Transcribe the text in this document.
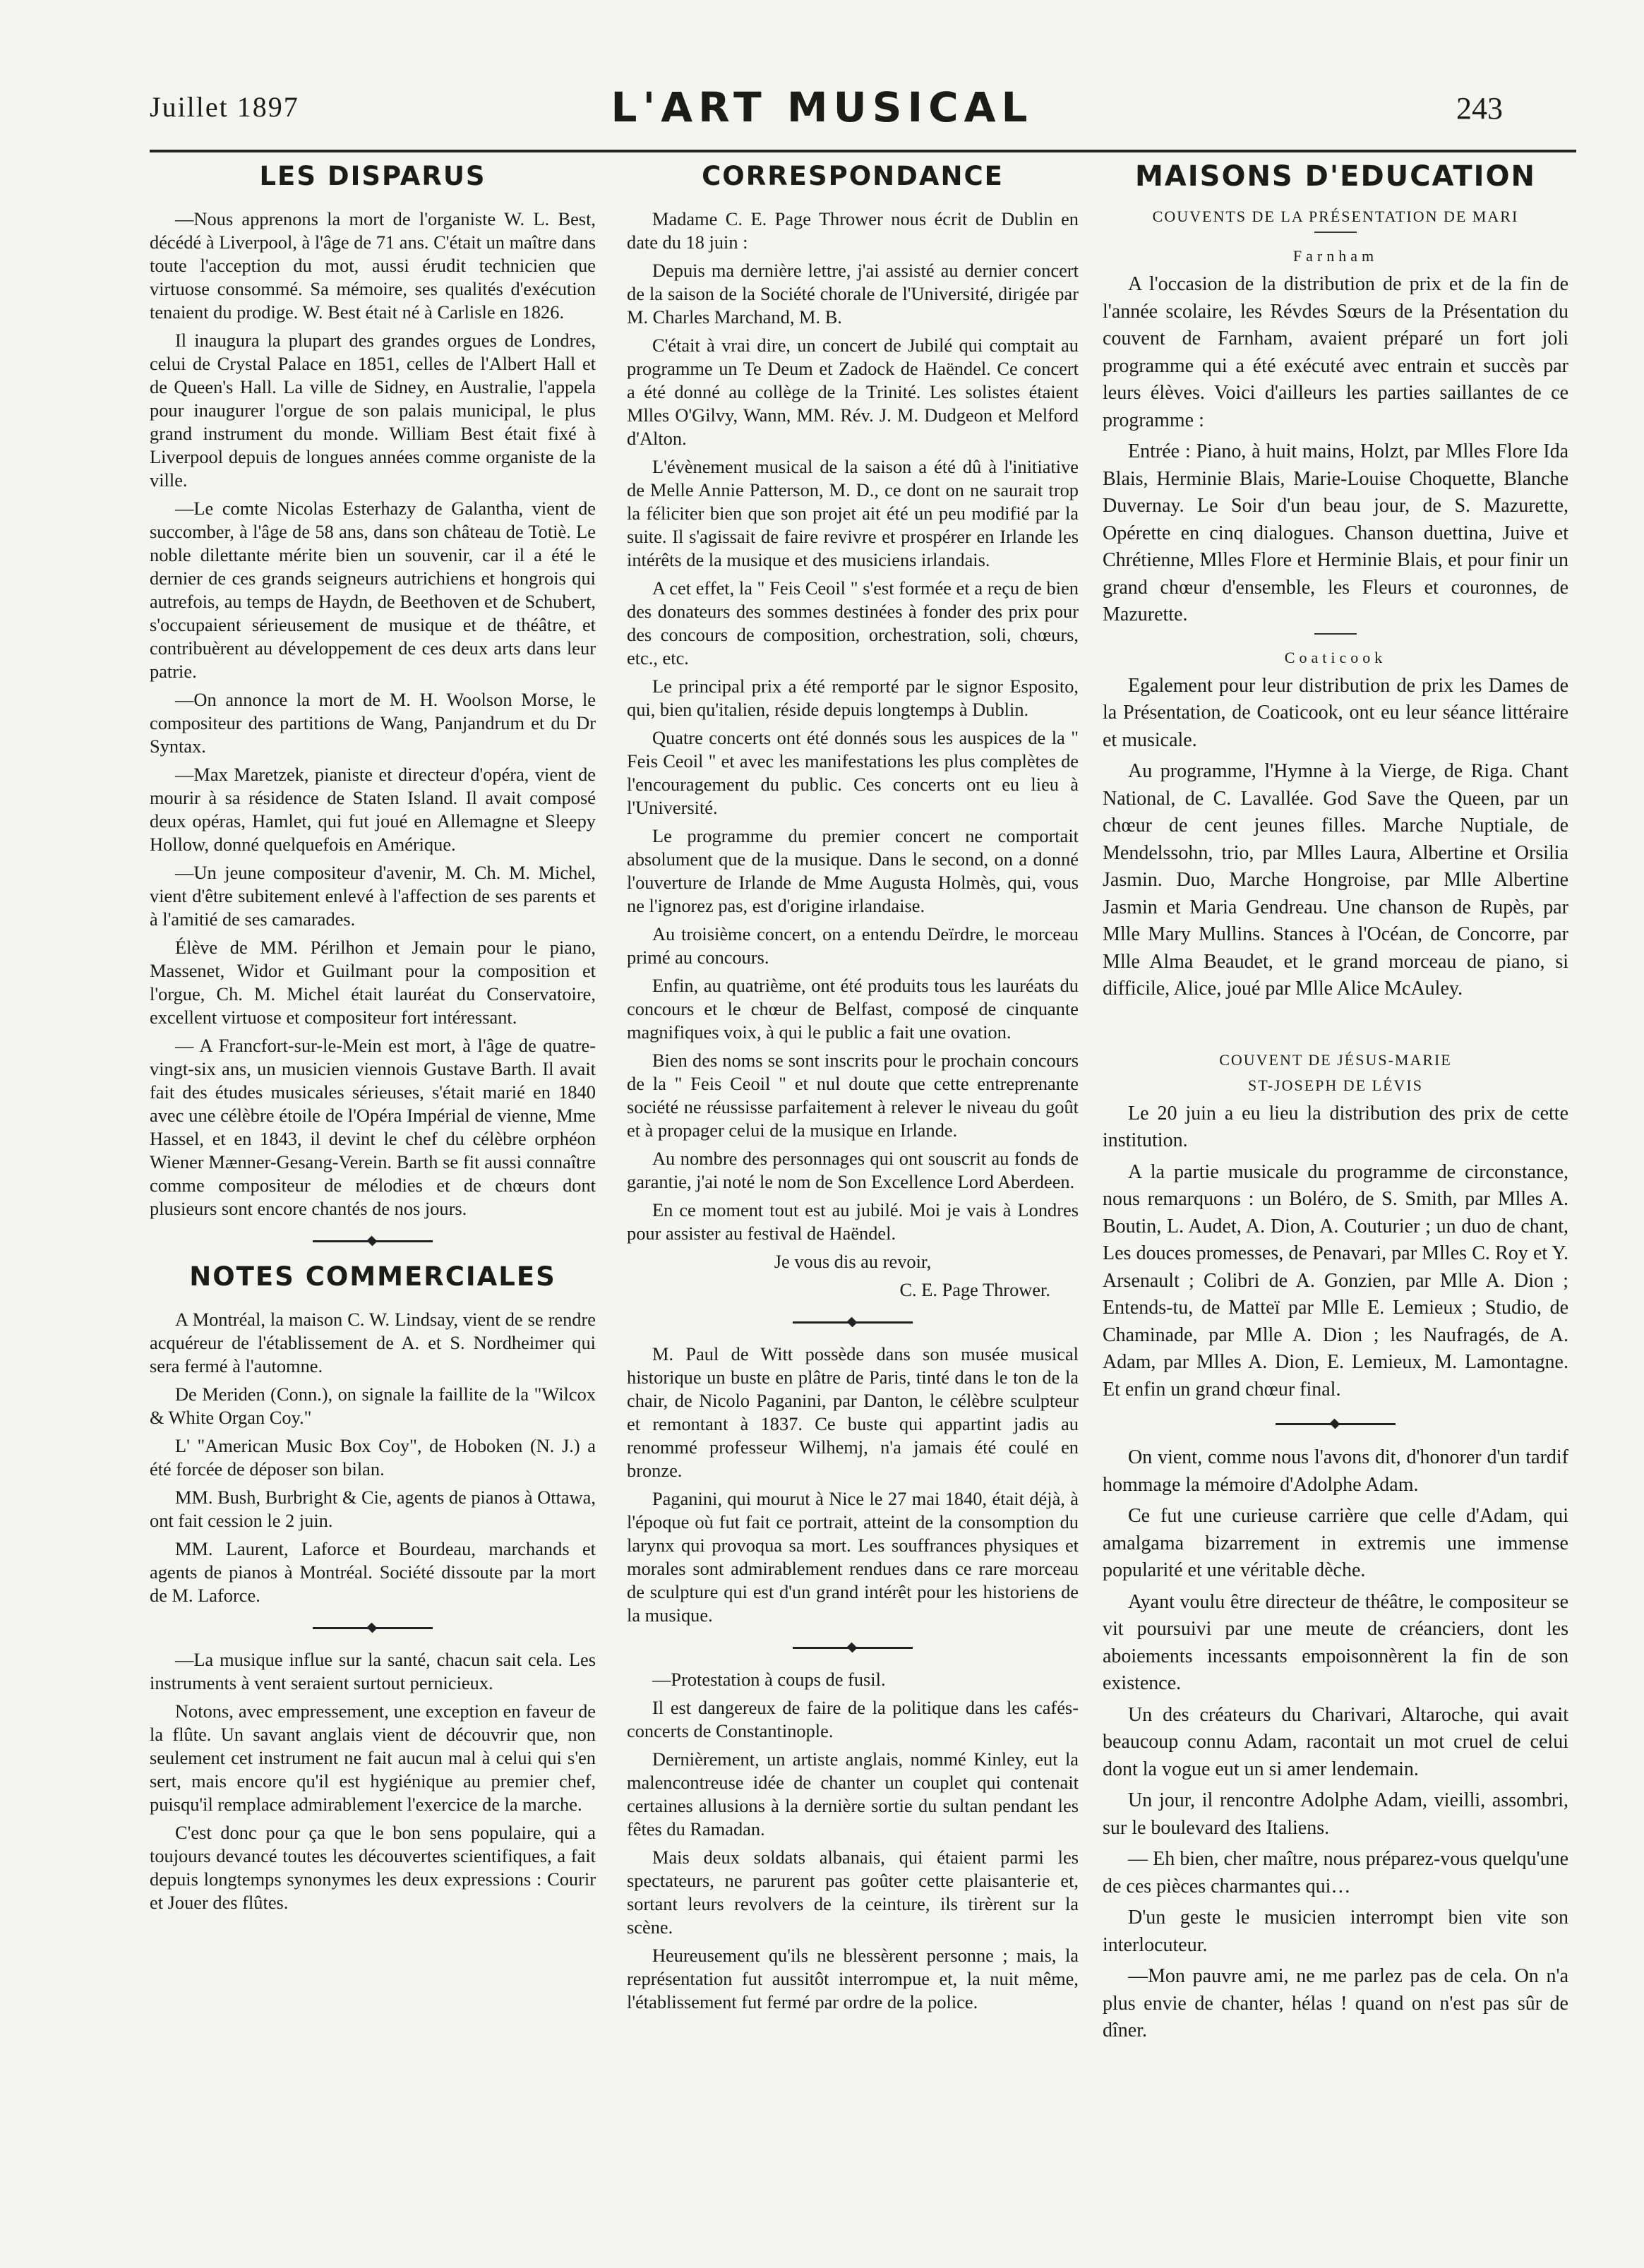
Juillet 1897	L'ART MUSICAL	243
LES DISPARUS

—Nous apprenons la mort de l'organiste W. L. Best, décédé à Liverpool, à l'âge de 71 ans. C'était un maître dans toute l'acception du mot, aussi érudit technicien que virtuose consommé. Sa mémoire, ses qualités d'exécution tenaient du prodige. W. Best était né à Carlisle en 1826.

Il inaugura la plupart des grandes orgues de Londres, celui de Crystal Palace en 1851, celles de l'Albert Hall et de Queen's Hall. La ville de Sidney, en Australie, l'appela pour inaugurer l'orgue de son palais municipal, le plus grand instrument du monde. William Best était fixé à Liverpool depuis de longues années comme organiste de la ville.

—Le comte Nicolas Esterhazy de Galantha, vient de succomber, à l'âge de 58 ans, dans son château de Totiè. Le noble dilettante mérite bien un souvenir, car il a été le dernier de ces grands seigneurs autrichiens et hongrois qui autrefois, au temps de Haydn, de Beethoven et de Schubert, s'occupaient sérieusement de musique et de théâtre, et contribuèrent au développement de ces deux arts dans leur patrie.

—On annonce la mort de M. H. Woolson Morse, le compositeur des partitions de Wang, Panjandrum et du Dr Syntax.

—Max Maretzek, pianiste et directeur d'opéra, vient de mourir à sa résidence de Staten Island. Il avait composé deux opéras, Hamlet, qui fut joué en Allemagne et Sleepy Hollow, donné quelquefois en Amérique.

—Un jeune compositeur d'avenir, M. Ch. M. Michel, vient d'être subitement enlevé à l'affection de ses parents et à l'amitié de ses camarades.

Élève de MM. Périlhon et Jemain pour le piano, Massenet, Widor et Guilmant pour la composition et l'orgue, Ch. M. Michel était lauréat du Conservatoire, excellent virtuose et compositeur fort intéressant.

— A Francfort-sur-le-Mein est mort, à l'âge de quatre-vingt-six ans, un musicien viennois Gustave Barth. Il avait fait des études musicales sérieuses, s'était marié en 1840 avec une célèbre étoile de l'Opéra Impérial de vienne, Mme Hassel, et en 1843, il devint le chef du célèbre orphéon Wiener Mænner-Gesang-Verein. Barth se fit aussi connaître comme compositeur de mélodies et de chœurs dont plusieurs sont encore chantés de nos jours.

NOTES COMMERCIALES

A Montréal, la maison C. W. Lindsay, vient de se rendre acquéreur de l'établissement de A. et S. Nordheimer qui sera fermé à l'automne.

De Meriden (Conn.), on signale la faillite de la "Wilcox & White Organ Coy."

L' "American Music Box Coy", de Hoboken (N. J.) a été forcée de déposer son bilan.

MM. Bush, Burbright & Cie, agents de pianos à Ottawa, ont fait cession le 2 juin.

MM. Laurent, Laforce et Bourdeau, marchands et agents de pianos à Montréal. Société dissoute par la mort de M. Laforce.

—La musique influe sur la santé, chacun sait cela. Les instruments à vent seraient surtout pernicieux.

Notons, avec empressement, une exception en faveur de la flûte. Un savant anglais vient de découvrir que, non seulement cet instrument ne fait aucun mal à celui qui s'en sert, mais encore qu'il est hygiénique au premier chef, puisqu'il remplace admirablement l'exercice de la marche.

C'est donc pour ça que le bon sens populaire, qui a toujours devancé toutes les découvertes scientifiques, a fait depuis longtemps synonymes les deux expressions : Courir et Jouer des flûtes.

CORRESPONDANCE

Madame C. E. Page Thrower nous écrit de Dublin en date du 18 juin :

Depuis ma dernière lettre, j'ai assisté au dernier concert de la saison de la Société chorale de l'Université, dirigée par M. Charles Marchand, M. B.

C'était à vrai dire, un concert de Jubilé qui comptait au programme un Te Deum et Zadock de Haëndel. Ce concert a été donné au collège de la Trinité. Les solistes étaient Mlles O'Gilvy, Wann, MM. Rév. J. M. Dudgeon et Melford d'Alton.

L'évènement musical de la saison a été dû à l'initiative de Melle Annie Patterson, M. D., ce dont on ne saurait trop la féliciter bien que son projet ait été un peu modifié par la suite. Il s'agissait de faire revivre et prospérer en Irlande les intérêts de la musique et des musiciens irlandais.

A cet effet, la " Feis Ceoil " s'est formée et a reçu de bien des donateurs des sommes destinées à fonder des prix pour des concours de composition, orchestration, soli, chœurs, etc., etc.

Le principal prix a été remporté par le signor Esposito, qui, bien qu'italien, réside depuis longtemps à Dublin.

Quatre concerts ont été donnés sous les auspices de la " Feis Ceoil " et avec les manifestations les plus complètes de l'encouragement du public. Ces concerts ont eu lieu à l'Université.

Le programme du premier concert ne comportait absolument que de la musique. Dans le second, on a donné l'ouverture de Irlande de Mme Augusta Holmès, qui, vous ne l'ignorez pas, est d'origine irlandaise.

Au troisième concert, on a entendu Deïrdre, le morceau primé au concours.

Enfin, au quatrième, ont été produits tous les lauréats du concours et le chœur de Belfast, composé de cinquante magnifiques voix, à qui le public a fait une ovation.

Bien des noms se sont inscrits pour le prochain concours de la " Feis Ceoil " et nul doute que cette entreprenante société ne réussisse parfaitement à relever le niveau du goût et à propager celui de la musique en Irlande.

Au nombre des personnages qui ont souscrit au fonds de garantie, j'ai noté le nom de Son Excellence Lord Aberdeen.

En ce moment tout est au jubilé. Moi je vais à Londres pour assister au festival de Haëndel.

Je vous dis au revoir,

C. E. Page Thrower.

M. Paul de Witt possède dans son musée musical historique un buste en plâtre de Paris, tinté dans le ton de la chair, de Nicolo Paganini, par Danton, le célèbre sculpteur et remontant à 1837. Ce buste qui appartint jadis au renommé professeur Wilhemj, n'a jamais été coulé en bronze.

Paganini, qui mourut à Nice le 27 mai 1840, était déjà, à l'époque où fut fait ce portrait, atteint de la consomption du larynx qui provoqua sa mort. Les souffrances physiques et morales sont admirablement rendues dans ce rare morceau de sculpture qui est d'un grand intérêt pour les historiens de la musique.

—Protestation à coups de fusil.

Il est dangereux de faire de la politique dans les cafés-concerts de Constantinople.

Dernièrement, un artiste anglais, nommé Kinley, eut la malencontreuse idée de chanter un couplet qui contenait certaines allusions à la dernière sortie du sultan pendant les fêtes du Ramadan.

Mais deux soldats albanais, qui étaient parmi les spectateurs, ne parurent pas goûter cette plaisanterie et, sortant leurs revolvers de la ceinture, ils tirèrent sur la scène.

Heureusement qu'ils ne blessèrent personne ; mais, la représentation fut aussitôt interrompue et, la nuit même, l'établissement fut fermé par ordre de la police.

MAISONS D'EDUCATION

COUVENTS DE LA PRÉSENTATION DE MARI

Farnham

A l'occasion de la distribution de prix et de la fin de l'année scolaire, les Révdes Sœurs de la Présentation du couvent de Farnham, avaient préparé un fort joli programme qui a été exécuté avec entrain et succès par leurs élèves. Voici d'ailleurs les parties saillantes de ce programme :

Entrée : Piano, à huit mains, Holzt, par Mlles Flore Ida Blais, Herminie Blais, Marie-Louise Choquette, Blanche Duvernay. Le Soir d'un beau jour, de S. Mazurette, Opérette en cinq dialogues. Chanson duettina, Juive et Chrétienne, Mlles Flore et Herminie Blais, et pour finir un grand chœur d'ensemble, les Fleurs et couronnes, de Mazurette.

Coaticook

Egalement pour leur distribution de prix les Dames de la Présentation, de Coaticook, ont eu leur séance littéraire et musicale.

Au programme, l'Hymne à la Vierge, de Riga. Chant National, de C. Lavallée. God Save the Queen, par un chœur de cent jeunes filles. Marche Nuptiale, de Mendelssohn, trio, par Mlles Laura, Albertine et Orsilia Jasmin. Duo, Marche Hongroise, par Mlle Albertine Jasmin et Maria Gendreau. Une chanson de Rupès, par Mlle Mary Mullins. Stances à l'Océan, de Concorre, par Mlle Alma Beaudet, et le grand morceau de piano, si difficile, Alice, joué par Mlle Alice McAuley.

COUVENT DE JÉSUS-MARIE

ST-JOSEPH DE LÉVIS

Le 20 juin a eu lieu la distribution des prix de cette institution.

A la partie musicale du programme de circonstance, nous remarquons : un Boléro, de S. Smith, par Mlles A. Boutin, L. Audet, A. Dion, A. Couturier ; un duo de chant, Les douces promesses, de Penavari, par Mlles C. Roy et Y. Arsenault ; Colibri de A. Gonzien, par Mlle A. Dion ; Entends-tu, de Matteï par Mlle E. Lemieux ; Studio, de Chaminade, par Mlle A. Dion ; les Naufragés, de A. Adam, par Mlles A. Dion, E. Lemieux, M. Lamontagne. Et enfin un grand chœur final.

On vient, comme nous l'avons dit, d'honorer d'un tardif hommage la mémoire d'Adolphe Adam.

Ce fut une curieuse carrière que celle d'Adam, qui amalgama bizarrement in extremis une immense popularité et une véritable dèche.

Ayant voulu être directeur de théâtre, le compositeur se vit poursuivi par une meute de créanciers, dont les aboiements incessants empoisonnèrent la fin de son existence.

Un des créateurs du Charivari, Altaroche, qui avait beaucoup connu Adam, racontait un mot cruel de celui dont la vogue eut un si amer lendemain.

Un jour, il rencontre Adolphe Adam, vieilli, assombri, sur le boulevard des Italiens.

— Eh bien, cher maître, nous préparez-vous quelqu'une de ces pièces charmantes qui…

D'un geste le musicien interrompt bien vite son interlocuteur.

—Mon pauvre ami, ne me parlez pas de cela. On n'a plus envie de chanter, hélas ! quand on n'est pas sûr de dîner.
